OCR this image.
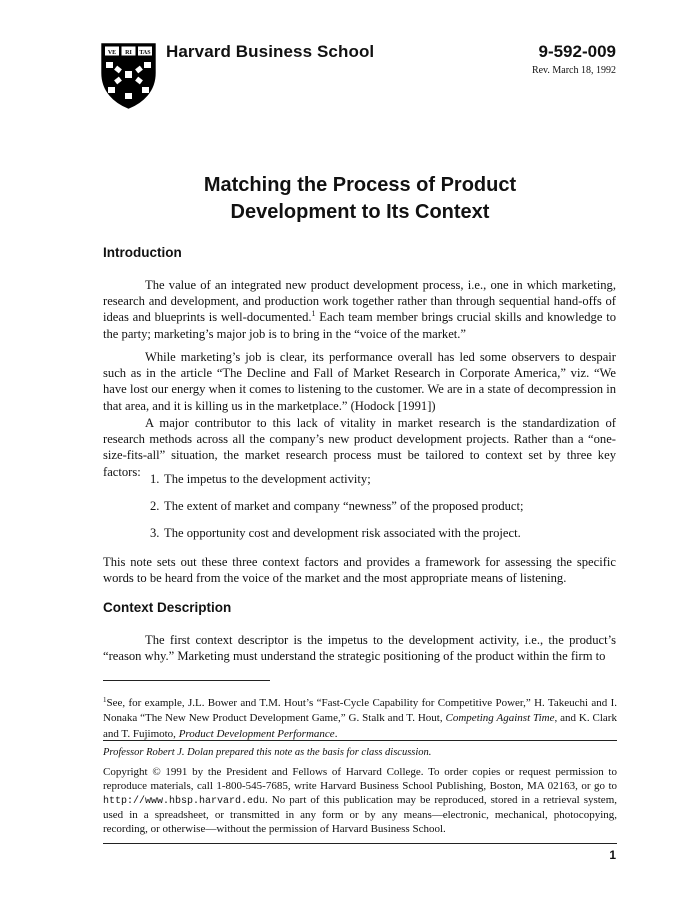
VE RI TAS Harvard Business School	9-592-009
Rev. March 18, 1992
Matching the Process of Product
Development to Its Context
Introduction
The value of an integrated new product development process, i.e., one in which marketing, research and development, and production work together rather than through sequential hand-offs of ideas and blueprints is well-documented.$^1$ Each team member brings crucial skills and knowledge to the party; marketing’s major job is to bring in the “voice of the market.”
While marketing’s job is clear, its performance overall has led some observers to despair such as in the article “The Decline and Fall of Market Research in Corporate America,” viz. “We have lost our energy when it comes to listening to the customer. We are in a state of decompression in that area, and it is killing us in the marketplace.” (Hodock [1991])
A major contributor to this lack of vitality in market research is the standardization of research methods across all the company’s new product development projects. Rather than a “one-size-fits-all” situation, the market research process must be tailored to context set by three key factors:
1. The impetus to the development activity;
2. The extent of market and company “newness” of the proposed product;
3. The opportunity cost and development risk associated with the project.
This note sets out these three context factors and provides a framework for assessing the specific words to be heard from the voice of the market and the most appropriate means of listening.
Context Description
The first context descriptor is the impetus to the development activity, i.e., the product’s “reason why.” Marketing must understand the strategic positioning of the product within the firm to
$^1$See, for example, J.L. Bower and T.M. Hout’s “Fast-Cycle Capability for Competitive Power,” H. Takeuchi and I. Nonaka “The New New Product Development Game,” G. Stalk and T. Hout, Competing Against Time, and K. Clark and T. Fujimoto, Product Development Performance.
Professor Robert J. Dolan prepared this note as the basis for class discussion.
Copyright © 1991 by the President and Fellows of Harvard College. To order copies or request permission to reproduce materials, call 1-800-545-7685, write Harvard Business School Publishing, Boston, MA 02163, or go to http://www.hbsp.harvard.edu. No part of this publication may be reproduced, stored in a retrieval system, used in a spreadsheet, or transmitted in any form or by any means—electronic, mechanical, photocopying, recording, or otherwise—without the permission of Harvard Business School.
1
